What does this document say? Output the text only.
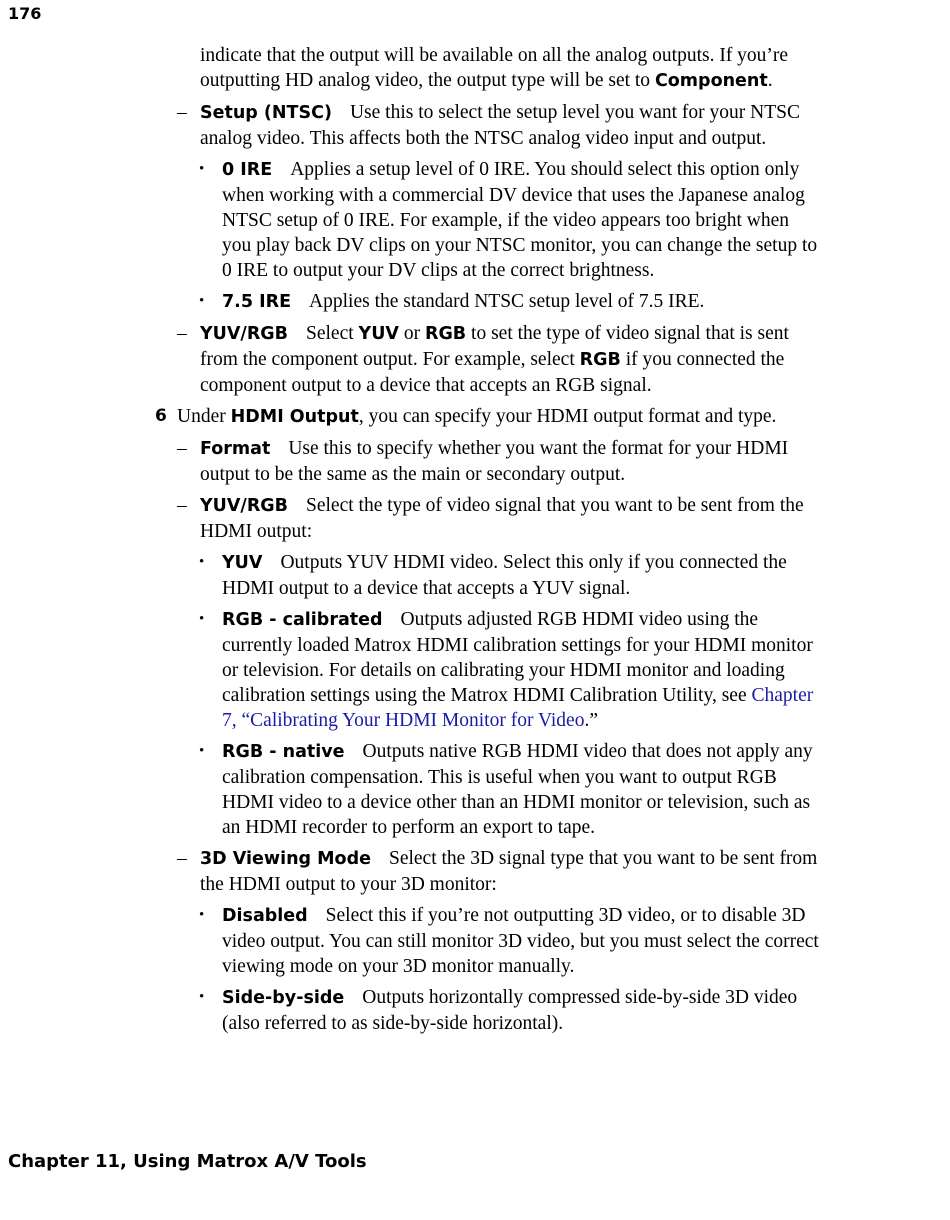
176

indicate that the output will be available on all the analog outputs. If you’re outputting HD analog video, the output type will be set to Component.

– Setup (NTSC) Use this to select the setup level you want for your NTSC analog video. This affects both the NTSC analog video input and output.

• 0 IRE Applies a setup level of 0 IRE. You should select this option only when working with a commercial DV device that uses the Japanese analog NTSC setup of 0 IRE. For example, if the video appears too bright when you play back DV clips on your NTSC monitor, you can change the setup to 0 IRE to output your DV clips at the correct brightness.

• 7.5 IRE Applies the standard NTSC setup level of 7.5 IRE.

– YUV/RGB Select YUV or RGB to set the type of video signal that is sent from the component output. For example, select RGB if you connected the component output to a device that accepts an RGB signal.

6 Under HDMI Output, you can specify your HDMI output format and type.

– Format Use this to specify whether you want the format for your HDMI output to be the same as the main or secondary output.

– YUV/RGB Select the type of video signal that you want to be sent from the HDMI output:

• YUV Outputs YUV HDMI video. Select this only if you connected the HDMI output to a device that accepts a YUV signal.

• RGB - calibrated Outputs adjusted RGB HDMI video using the currently loaded Matrox HDMI calibration settings for your HDMI monitor or television. For details on calibrating your HDMI monitor and loading calibration settings using the Matrox HDMI Calibration Utility, see Chapter 7, “Calibrating Your HDMI Monitor for Video.”

• RGB - native Outputs native RGB HDMI video that does not apply any calibration compensation. This is useful when you want to output RGB HDMI video to a device other than an HDMI monitor or television, such as an HDMI recorder to perform an export to tape.

– 3D Viewing Mode Select the 3D signal type that you want to be sent from the HDMI output to your 3D monitor:

• Disabled Select this if you’re not outputting 3D video, or to disable 3D video output. You can still monitor 3D video, but you must select the correct viewing mode on your 3D monitor manually.

• Side-by-side Outputs horizontally compressed side-by-side 3D video (also referred to as side-by-side horizontal).

Chapter 11, Using Matrox A/V Tools
